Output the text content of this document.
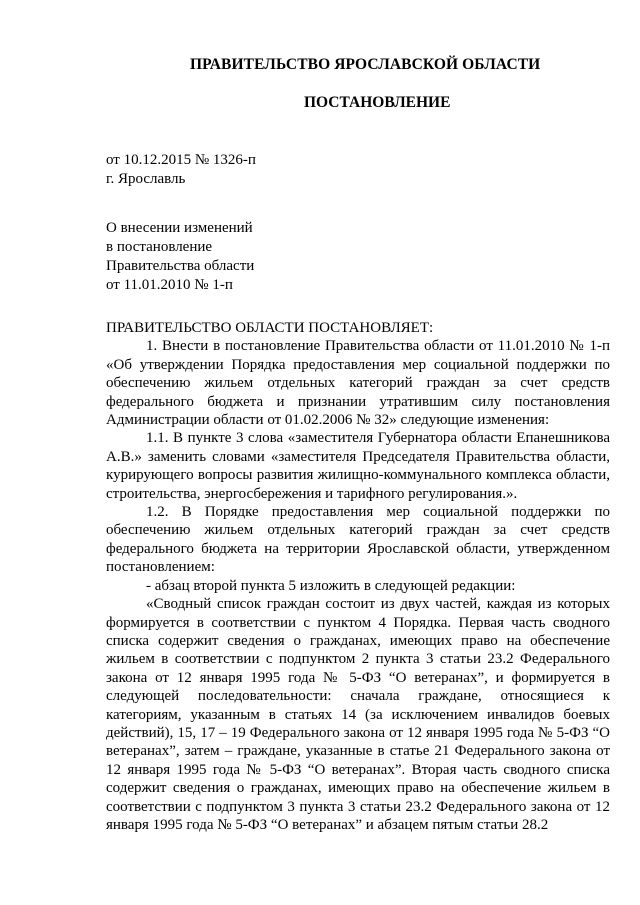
ПРАВИТЕЛЬСТВО ЯРОСЛАВСКОЙ ОБЛАСТИ
ПОСТАНОВЛЕНИЕ
от 10.12.2015 № 1326-п
г. Ярославль
О внесении изменений
в постановление
Правительства области
от 11.01.2010 № 1-п

ПРАВИТЕЛЬСТВО ОБЛАСТИ ПОСТАНОВЛЯЕТ:

1. Внести в постановление Правительства области от 11.01.2010 № 1-п «Об утверждении Порядка предоставления мер социальной поддержки по обеспечению жильем отдельных категорий граждан за счет средств федерального бюджета и признании утратившим силу постановления Администрации области от 01.02.2006 № 32» следующие изменения:

1.1. В пункте 3 слова «заместителя Губернатора области Епанешникова А.В.» заменить словами «заместителя Председателя Правительства области, курирующего вопросы развития жилищно-коммунального комплекса области, строительства, энергосбережения и тарифного регулирования.».

1.2. В Порядке предоставления мер социальной поддержки по обеспечению жильем отдельных категорий граждан за счет средств федерального бюджета на территории Ярославской области, утвержденном постановлением:

- абзац второй пункта 5 изложить в следующей редакции:

«Сводный список граждан состоит из двух частей, каждая из которых формируется в соответствии с пунктом 4 Порядка. Первая часть сводного списка содержит сведения о гражданах, имеющих право на обеспечение жильем в соответствии с подпунктом 2 пункта 3 статьи 23.2 Федерального закона от 12 января 1995 года № 5-ФЗ “О ветеранах”, и формируется в следующей последовательности: сначала граждане, относящиеся к категориям, указанным в статьях 14 (за исключением инвалидов боевых действий), 15, 17 – 19 Федерального закона от 12 января 1995 года № 5-ФЗ “О ветеранах”, затем – граждане, указанные в статье 21 Федерального закона от 12 января 1995 года № 5-ФЗ “О ветеранах”. Вторая часть сводного списка содержит сведения о гражданах, имеющих право на обеспечение жильем в соответствии с подпунктом 3 пункта 3 статьи 23.2 Федерального закона от 12 января 1995 года № 5-ФЗ “О ветеранах” и абзацем пятым статьи 28.2
